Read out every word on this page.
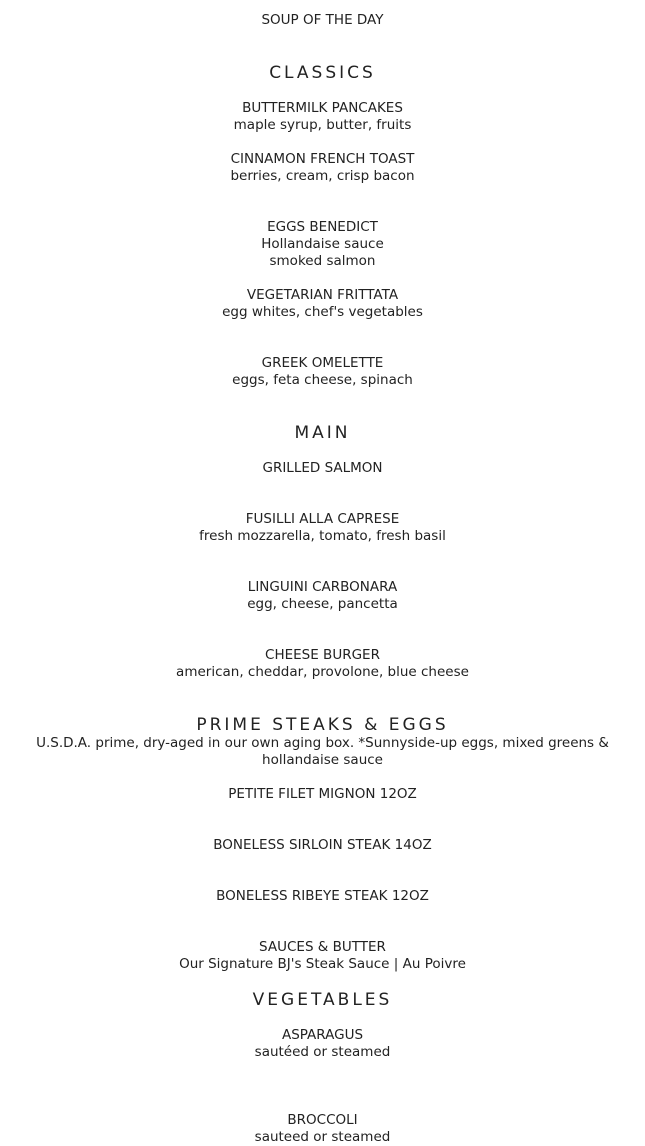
SOUP OF THE DAY
CLASSICS
BUTTERMILK PANCAKES
maple syrup, butter, fruits
CINNAMON FRENCH TOAST
berries, cream, crisp bacon
EGGS BENEDICT
Hollandaise sauce
smoked salmon
VEGETARIAN FRITTATA
egg whites, chef's vegetables
GREEK OMELETTE
eggs, feta cheese, spinach
MAIN
GRILLED SALMON
FUSILLI ALLA CAPRESE
fresh mozzarella, tomato, fresh basil
LINGUINI CARBONARA
egg, cheese, pancetta
CHEESE BURGER
american, cheddar, provolone, blue cheese
PRIME STEAKS & EGGS
U.S.D.A. prime, dry-aged in our own aging box. *Sunnyside-up eggs, mixed greens & hollandaise sauce
PETITE FILET MIGNON 12OZ
BONELESS SIRLOIN STEAK 14OZ
BONELESS RIBEYE STEAK 12OZ
SAUCES & BUTTER
Our Signature BJ's Steak Sauce | Au Poivre
VEGETABLES
ASPARAGUS
sautéed or steamed
BROCCOLI
sauteed or steamed
